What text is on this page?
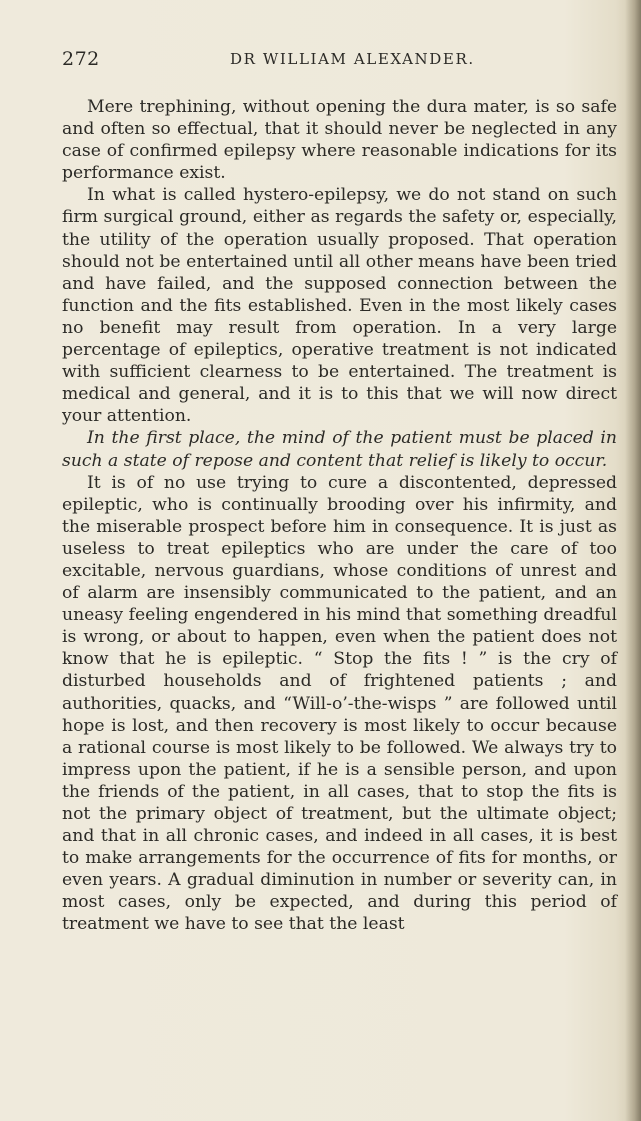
272	DR WILLIAM ALEXANDER.

Mere trephining, without opening the dura mater, is so safe and often so effectual, that it should never be neglected in any case of confirmed epilepsy where reasonable indications for its performance exist.

In what is called hystero-epilepsy, we do not stand on such firm surgical ground, either as regards the safety or, especially, the utility of the operation usually proposed. That operation should not be entertained until all other means have been tried and have failed, and the supposed connection between the function and the fits established. Even in the most likely cases no benefit may result from operation. In a very large percentage of epileptics, operative treatment is not indicated with sufficient clearness to be entertained. The treatment is medical and general, and it is to this that we will now direct your attention.

In the first place, the mind of the patient must be placed in such a state of repose and content that relief is likely to occur.

It is of no use trying to cure a discontented, depressed epileptic, who is continually brooding over his infirmity, and the miserable prospect before him in consequence. It is just as useless to treat epileptics who are under the care of too excitable, nervous guardians, whose conditions of unrest and of alarm are insensibly communicated to the patient, and an uneasy feeling engendered in his mind that something dreadful is wrong, or about to happen, even when the patient does not know that he is epileptic. “ Stop the fits ! ” is the cry of disturbed households and of frightened patients ; and authorities, quacks, and “Will-o’-the-wisps ” are followed until hope is lost, and then recovery is most likely to occur because a rational course is most likely to be followed. We always try to impress upon the patient, if he is a sensible person, and upon the friends of the patient, in all cases, that to stop the fits is not the primary object of treatment, but the ultimate object; and that in all chronic cases, and indeed in all cases, it is best to make arrangements for the occurrence of fits for months, or even years. A gradual diminution in number or severity can, in most cases, only be expected, and during this period of treatment we have to see that the least
